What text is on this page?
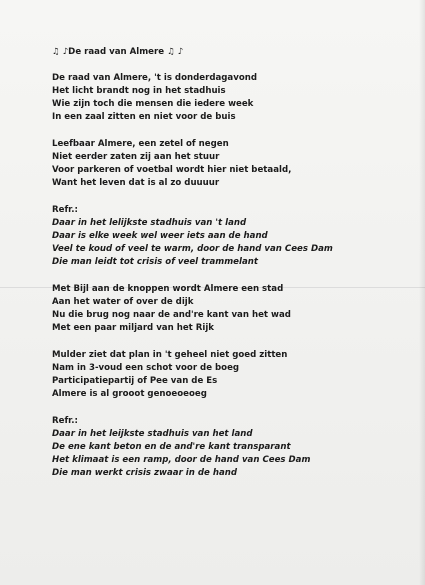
♫ ♪De raad van Almere ♫ ♪
De raad van Almere, 't is donderdagavond
Het licht brandt nog in het stadhuis
Wie zijn toch die mensen die iedere week
In een zaal zitten en niet voor de buis
Leefbaar Almere, een zetel of negen
Niet eerder zaten zij aan het stuur
Voor parkeren of voetbal wordt hier niet betaald,
Want het leven dat is al zo duuuur
Refr.:
Daar in het lelijkste stadhuis van 't land
Daar is elke week wel weer iets aan de hand
Veel te koud of veel te warm, door de hand van Cees Dam
Die man leidt tot crisis of veel trammelant
Met Bijl aan de knoppen wordt Almere een stad
Aan het water of over de dijk
Nu die brug nog naar de and're kant van het wad
Met een paar miljard van het Rijk
Mulder ziet dat plan in 't geheel niet goed zitten
Nam in 3-voud een schot voor de boeg
Participatiepartij of Pee van de Es
Almere is al grooot genoeoeoeg
Refr.:
Daar in het leijkste stadhuis van het land
De ene kant beton en de and're kant transparant
Het klimaat is een ramp, door de hand van Cees Dam
Die man werkt crisis zwaar in de hand
